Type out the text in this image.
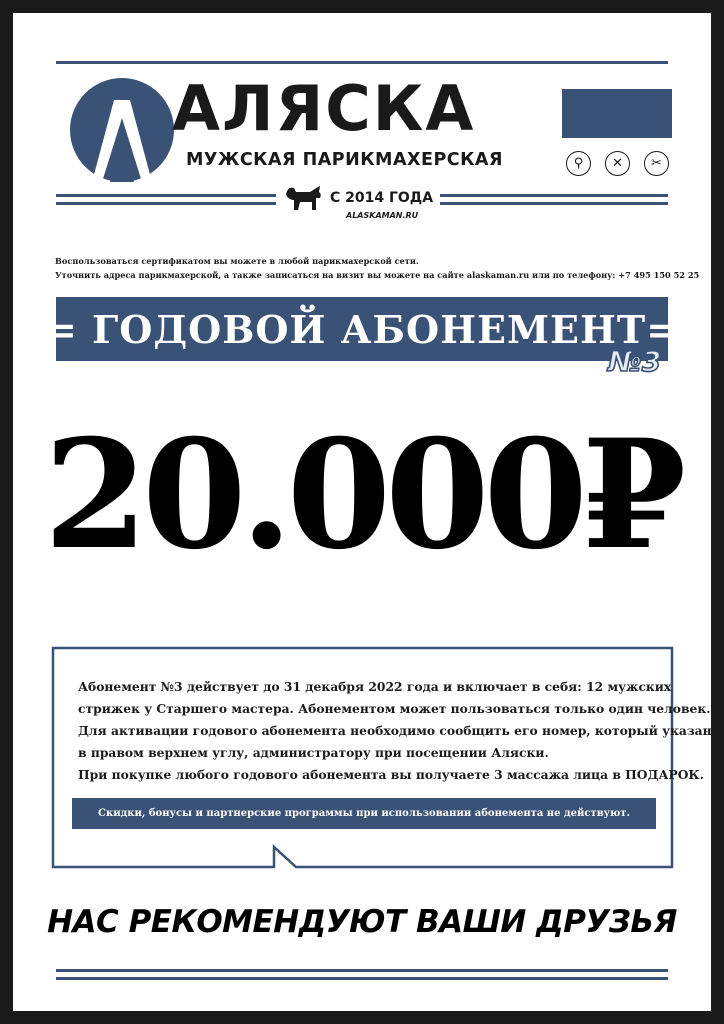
АЛЯСКА
МУЖСКАЯ ПАРИКМАХЕРСКАЯ	⚲	✕	✂
С 2014 ГОДА
ALASKAMAN.RU
Воспользоваться сертификатом вы можете в любой парикмахерской сети.
Уточнить адреса парикмахерской, а также записаться на визит вы можете на сайте alaskaman.ru или по телефону: +7 495 150 52 25
= ГОДОВОЙ АБОНЕМЕНТ=
№3
20.000₽
Абонемент №3 действует до 31 декабря 2022 года и включает в себя: 12 мужских
стрижек у Старшего мастера. Абонементом может пользоваться только один человек.
Для активации годового абонемента необходимо сообщить его номер, который указан
в правом верхнем углу, администратору при посещении Аляски.
При покупке любого годового абонемента вы получаете 3 массажа лица в ПОДАРОК.
Скидки, бонусы и партнерские программы при использовании абонемента не действуют.
НАС РЕКОМЕНДУЮТ ВАШИ ДРУЗЬЯ
